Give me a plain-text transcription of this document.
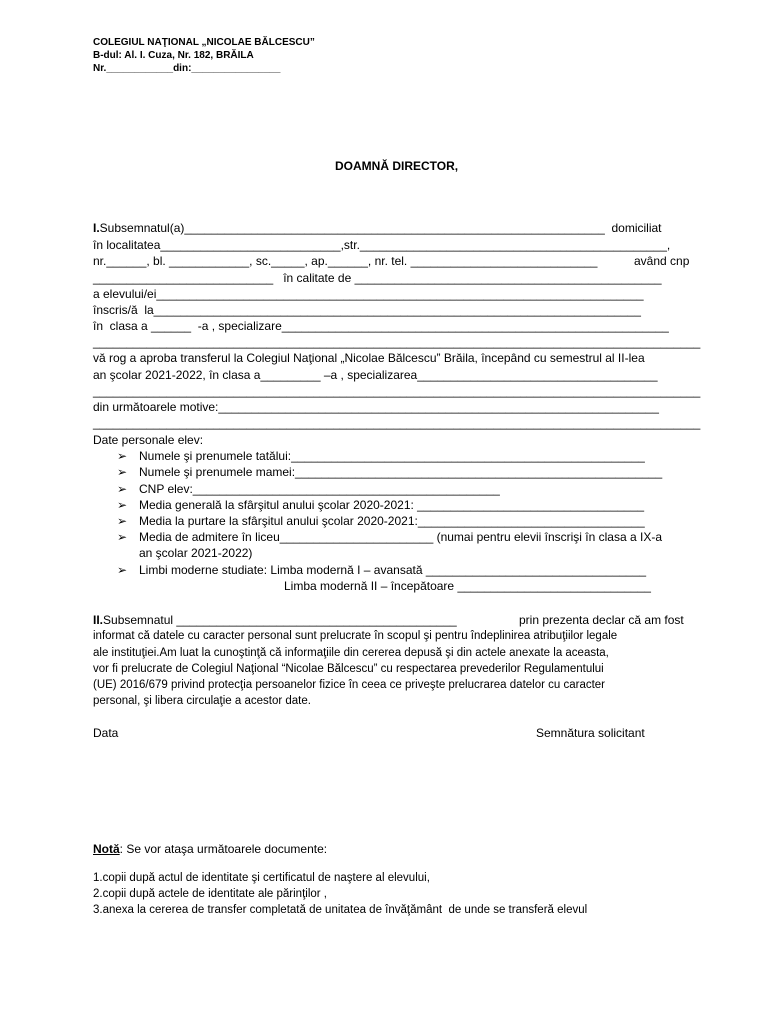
COLEGIUL NAŢIONAL „NICOLAE BĂLCESCU”
B-dul: Al. I. Cuza, Nr. 182, BRĂILA
Nr.____________din:________________
DOAMNĂ DIRECTOR,
I.Subsemnatul(a)_______________________________________________________________  domiciliat
în localitatea___________________________,str.______________________________________________,
nr.______, bl. ____________, sc._____, ap.______, nr. tel. ____________________________	având cnp
___________________________   în calitate de ______________________________________________
a elevului/ei_________________________________________________________________________
înscris/ă  la_________________________________________________________________________
în  clasa a ______  -a , specializare__________________________________________________________
___________________________________________________________________________________________
vă rog a aproba transferul la Colegiul Naţional „Nicolae Bălcescu” Brăila, începând cu semestrul al II-lea
an şcolar 2021-2022, în clasa a_________ –a , specializarea____________________________________
___________________________________________________________________________________________
din următoarele motive:__________________________________________________________________
___________________________________________________________________________________________
Date personale elev:
➢ Numele şi prenumele tatălui:_____________________________________________________
➢ Numele şi prenumele mamei:_______________________________________________________
➢ CNP elev:______________________________________________
➢ Media generală la sfârşitul anului şcolar 2020-2021: __________________________________
➢ Media la purtare la sfârşitul anului şcolar 2020-2021:__________________________________
➢ Media de admitere în liceu_______________________ (numai pentru elevii înscrişi în clasa a IX-a
an şcolar 2021-2022)
➢ Limbi moderne studiate: Limba modernă I – avansată _________________________________
Limba modernă II – începătoare _____________________________
II.Subsemnatul __________________________________________	prin prezenta declar că am fost
informat că datele cu caracter personal sunt prelucrate în scopul şi pentru îndeplinirea atribuţiilor legale
ale instituţiei.Am luat la cunoştinţă că informaţiile din cererea depusă şi din actele anexate la aceasta,
vor fi prelucrate de Colegiul Naţional “Nicolae Bălcescu” cu respectarea prevederilor Regulamentului
(UE) 2016/679 privind protecţia persoanelor fizice în ceea ce priveşte prelucrarea datelor cu caracter
personal, şi libera circulaţie a acestor date.
Data	Semnătura solicitant
Notă: Se vor ataşa următoarele documente:
1.copii după actul de identitate şi certificatul de naştere al elevului,
2.copii după actele de identitate ale părinţilor ,
3.anexa la cererea de transfer completată de unitatea de învăţământ  de unde se transferă elevul
